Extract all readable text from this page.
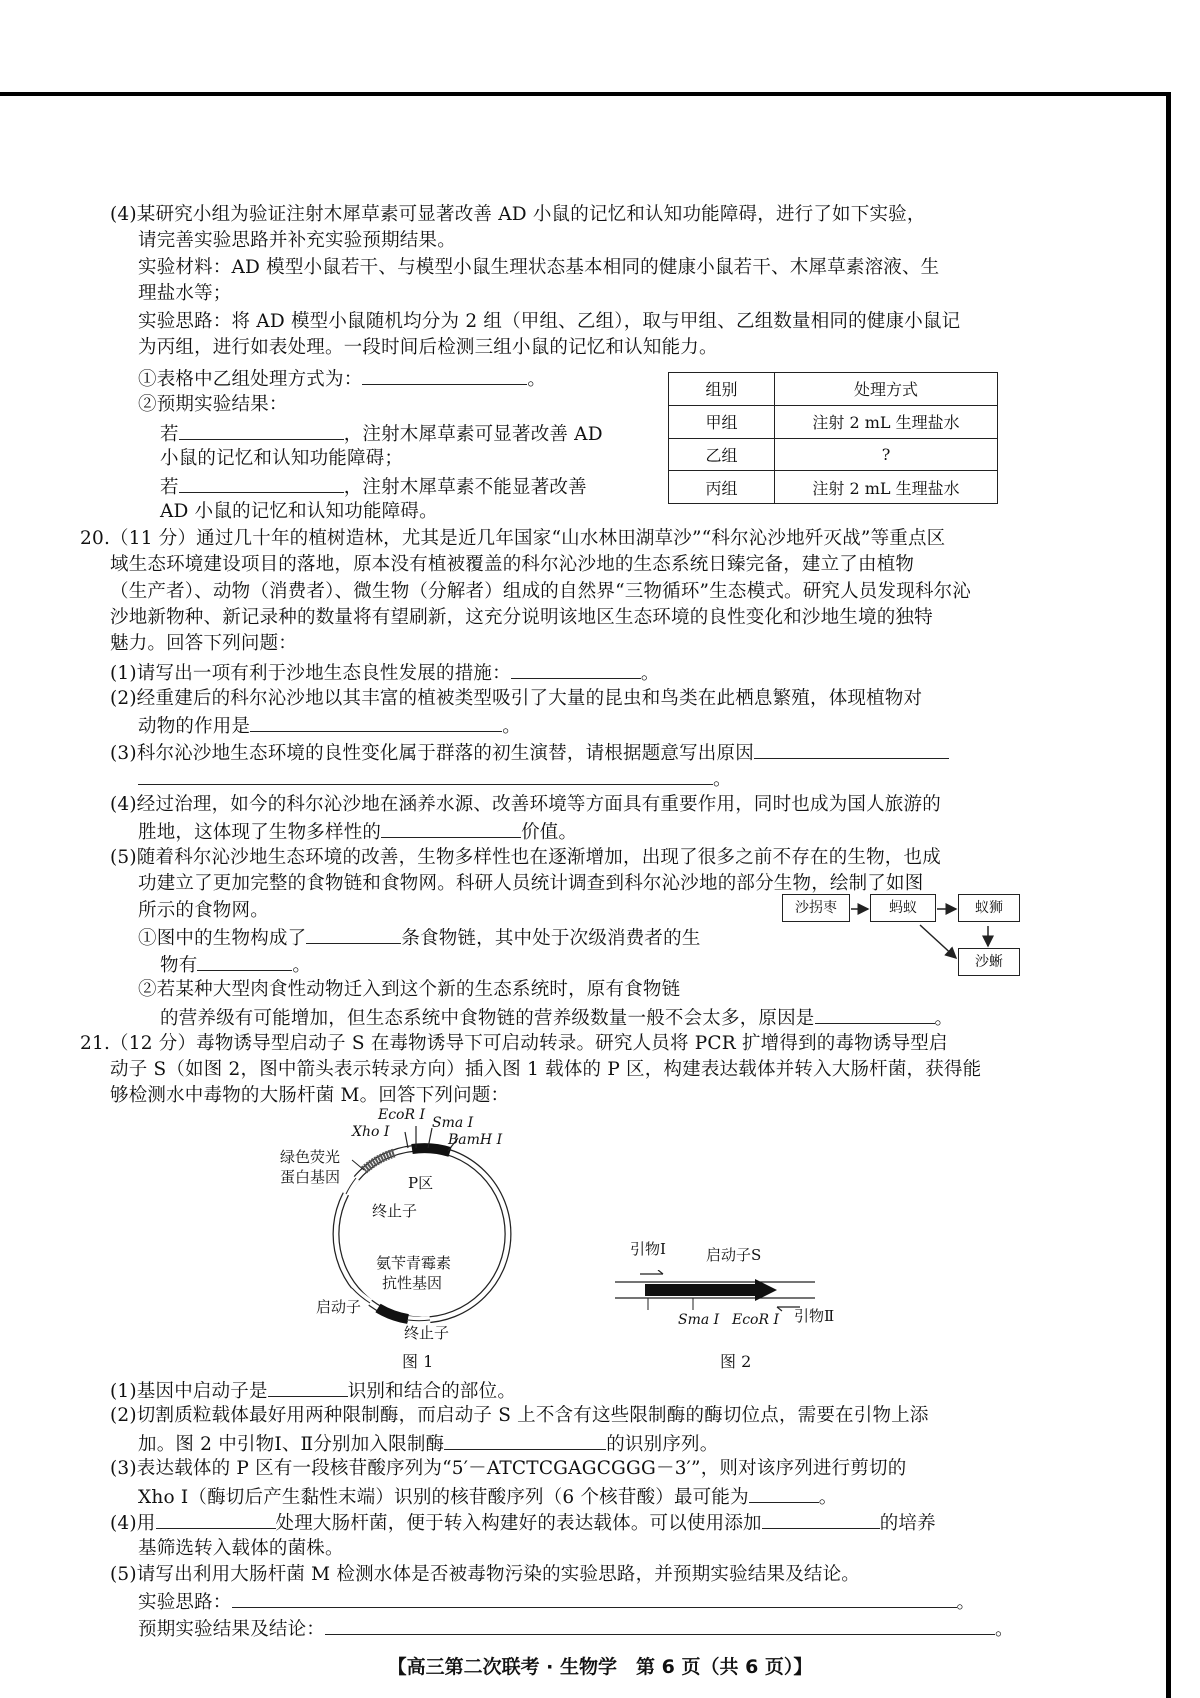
(4)某研究小组为验证注射木犀草素可显著改善 AD 小鼠的记忆和认知功能障碍，进行了如下实验，
请完善实验思路并补充实验预期结果。
实验材料：AD 模型小鼠若干、与模型小鼠生理状态基本相同的健康小鼠若干、木犀草素溶液、生
理盐水等；
实验思路：将 AD 模型小鼠随机均分为 2 组（甲组、乙组），取与甲组、乙组数量相同的健康小鼠记
为丙组，进行如表处理。一段时间后检测三组小鼠的记忆和认知能力。
①表格中乙组处理方式为：	。
②预期实验结果：
若	，注射木犀草素可显著改善 AD
小鼠的记忆和认知功能障碍；
若	，注射木犀草素不能显著改善
AD 小鼠的记忆和认知功能障碍。
组别	处理方式
甲组	注射 2 mL 生理盐水
乙组	?
丙组	注射 2 mL 生理盐水
20.（11 分）通过几十年的植树造林，尤其是近几年国家“山水林田湖草沙”“科尔沁沙地歼灭战”等重点区
域生态环境建设项目的落地，原本没有植被覆盖的科尔沁沙地的生态系统日臻完备，建立了由植物
（生产者）、动物（消费者）、微生物（分解者）组成的自然界“三物循环”生态模式。研究人员发现科尔沁
沙地新物种、新记录种的数量将有望刷新，这充分说明该地区生态环境的良性变化和沙地生境的独特
魅力。回答下列问题：
(1)请写出一项有利于沙地生态良性发展的措施：	。
(2)经重建后的科尔沁沙地以其丰富的植被类型吸引了大量的昆虫和鸟类在此栖息繁殖，体现植物对
动物的作用是	。
(3)科尔沁沙地生态环境的良性变化属于群落的初生演替，请根据题意写出原因
。
(4)经过治理，如今的科尔沁沙地在涵养水源、改善环境等方面具有重要作用，同时也成为国人旅游的
胜地，这体现了生物多样性的	价值。
(5)随着科尔沁沙地生态环境的改善，生物多样性也在逐渐增加，出现了很多之前不存在的生物，也成
功建立了更加完整的食物链和食物网。科研人员统计调查到科尔沁沙地的部分生物，绘制了如图
所示的食物网。
①图中的生物构成了	条食物链，其中处于次级消费者的生
物有	。
②若某种大型肉食性动物迁入到这个新的生态系统时，原有食物链
的营养级有可能增加，但生态系统中食物链的营养级数量一般不会太多，原因是	。
沙拐枣	蚂蚁	蚁狮
沙蜥
21.（12 分）毒物诱导型启动子 S 在毒物诱导下可启动转录。研究人员将 PCR 扩增得到的毒物诱导型启
动子 S（如图 2，图中箭头表示转录方向）插入图 1 载体的 P 区，构建表达载体并转入大肠杆菌，获得能
够检测水中毒物的大肠杆菌 M。回答下列问题：
EcoR Ⅰ Sma Ⅰ
Xho Ⅰ	BamH Ⅰ
绿色荧光
蛋白基因	P区
终止子
氨苄青霉素
抗性基因
启动子
终止子
图 1
引物Ⅰ	启动子S
Sma Ⅰ EcoR Ⅰ 引物Ⅱ
图 2
(1)基因中启动子是	识别和结合的部位。
(2)切割质粒载体最好用两种限制酶，而启动子 S 上不含有这些限制酶的酶切位点，需要在引物上添
加。图 2 中引物Ⅰ、Ⅱ分别加入限制酶	的识别序列。
(3)表达载体的 P 区有一段核苷酸序列为“5′－ATCTCGAGCGGG－3′”，则对该序列进行剪切的
Xho Ⅰ（酶切后产生黏性末端）识别的核苷酸序列（6 个核苷酸）最可能为	。
(4)用	处理大肠杆菌，便于转入构建好的表达载体。可以使用添加	的培养
基筛选转入载体的菌株。
(5)请写出利用大肠杆菌 M 检测水体是否被毒物污染的实验思路，并预期实验结果及结论。
实验思路：	。
预期实验结果及结论：	。
【高三第二次联考 · 生物学　第 6 页（共 6 页）】
